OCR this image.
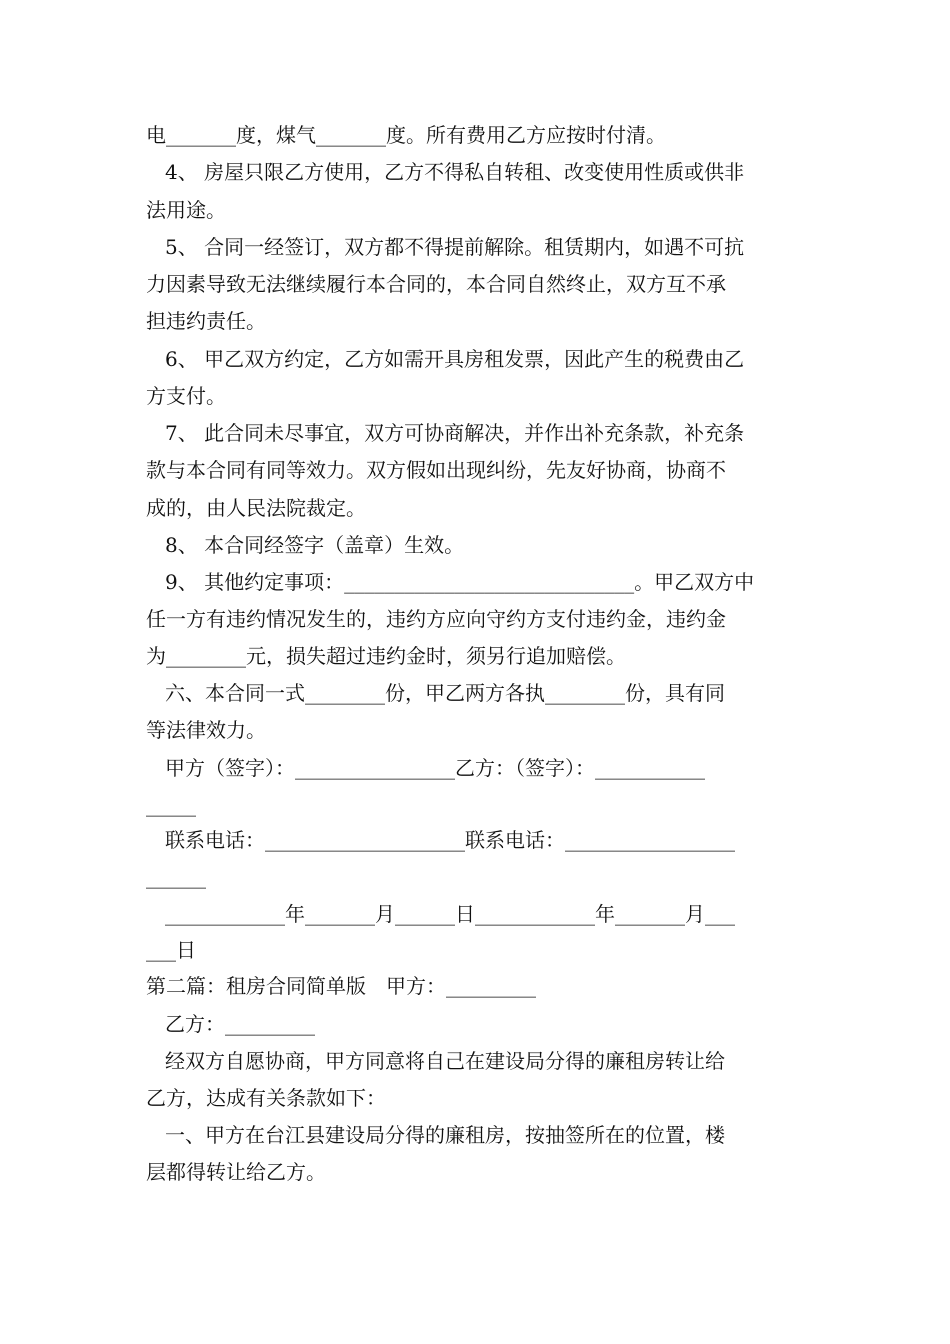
电_______度，煤气_______度。所有费用乙方应按时付清。
4、 房屋只限乙方使用，乙方不得私自转租、改变使用性质或供非
法用途。
5、 合同一经签订，双方都不得提前解除。租赁期内，如遇不可抗
力因素导致无法继续履行本合同的，本合同自然终止，双方互不承
担违约责任。
6、 甲乙双方约定，乙方如需开具房租发票，因此产生的税费由乙
方支付。
7、 此合同未尽事宜，双方可协商解决，并作出补充条款，补充条
款与本合同有同等效力。双方假如出现纠纷，先友好协商，协商不
成的，由人民法院裁定。
8、 本合同经签字（盖章）生效。
9、 其他约定事项：_____________________________。甲乙双方中
任一方有违约情况发生的，违约方应向守约方支付违约金，违约金
为________元，损失超过违约金时，须另行追加赔偿。
六、本合同一式________份，甲乙两方各执________份，具有同
等法律效力。
甲方（签字）：________________乙方：（签字）：___________
_____
联系电话：____________________联系电话：_________________
______
____________年_______月______日____________年_______月___
___日
第二篇：租房合同简单版　甲方：_________
乙方：_________
经双方自愿协商，甲方同意将自己在建设局分得的廉租房转让给
乙方，达成有关条款如下：
一、甲方在台江县建设局分得的廉租房，按抽签所在的位置，楼
层都得转让给乙方。
